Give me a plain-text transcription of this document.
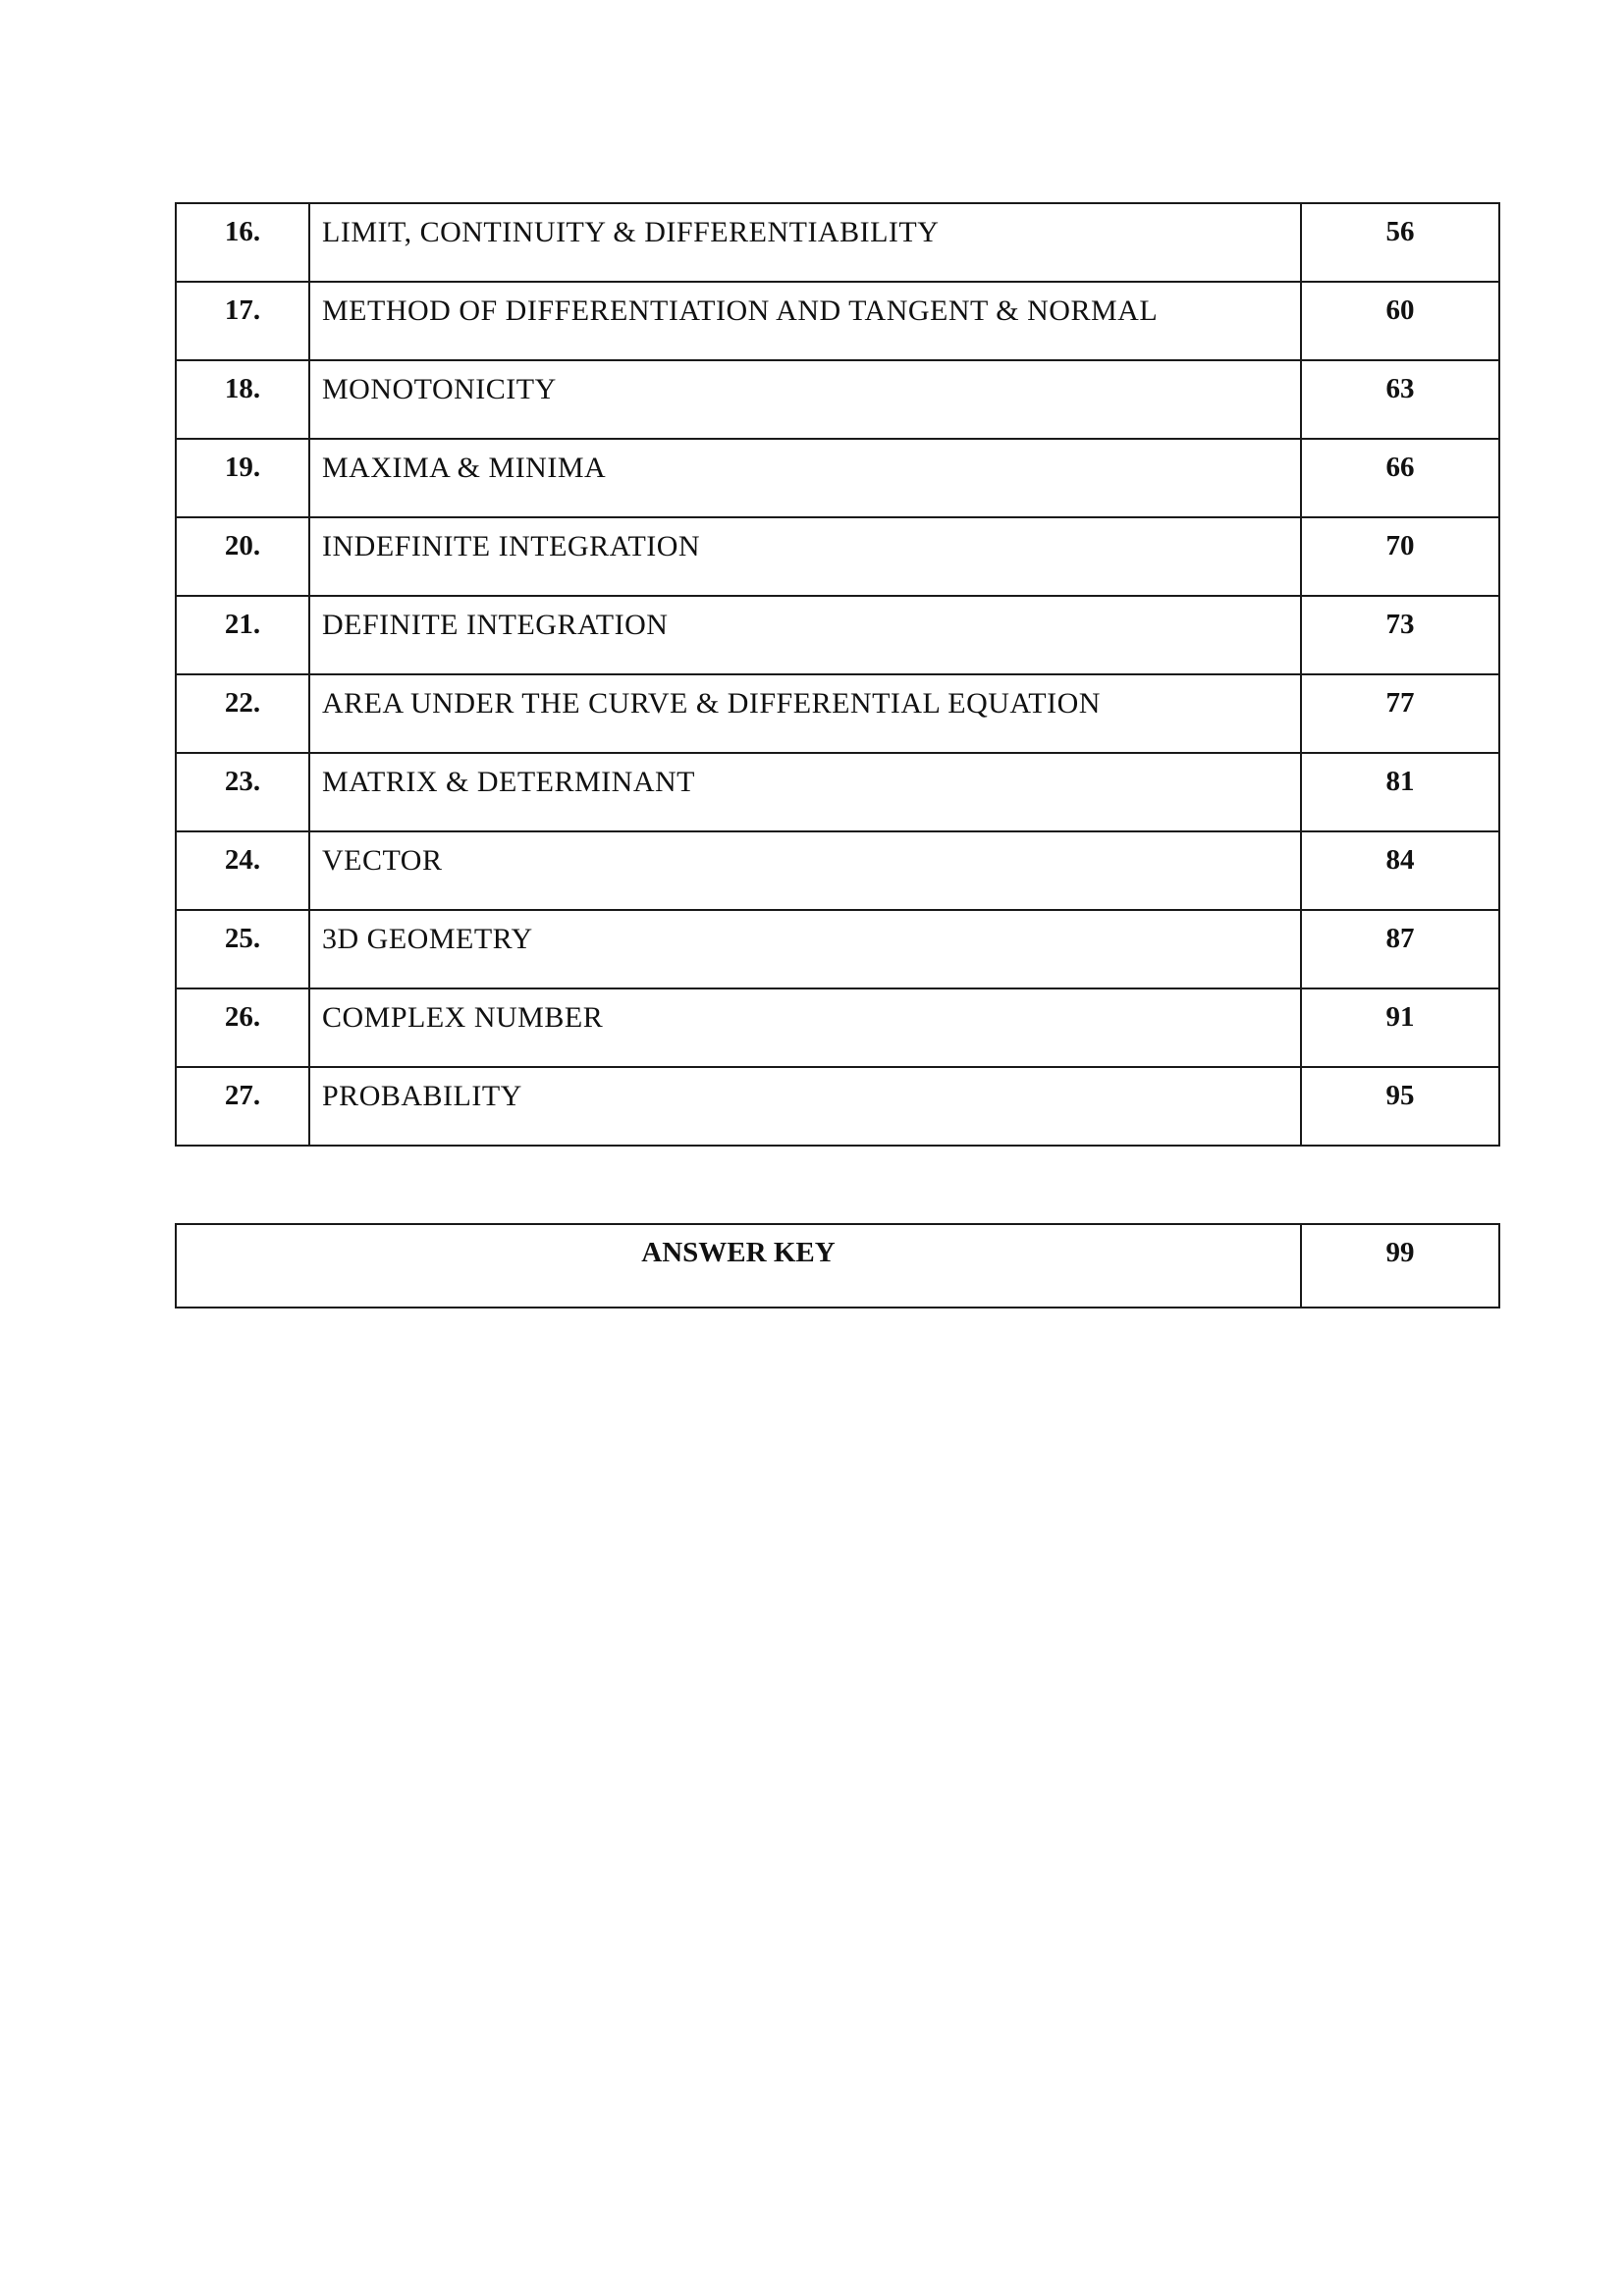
16.	LIMIT, CONTINUITY & DIFFERENTIABILITY	56
17.	METHOD OF DIFFERENTIATION AND TANGENT & NORMAL	60
18.	MONOTONICITY	63
19.	MAXIMA & MINIMA	66
20.	INDEFINITE INTEGRATION	70
21.	DEFINITE INTEGRATION	73
22.	AREA UNDER THE CURVE & DIFFERENTIAL EQUATION	77
23.	MATRIX & DETERMINANT	81
24.	VECTOR	84
25.	3D GEOMETRY	87
26.	COMPLEX NUMBER	91
27.	PROBABILITY	95
ANSWER KEY	99
